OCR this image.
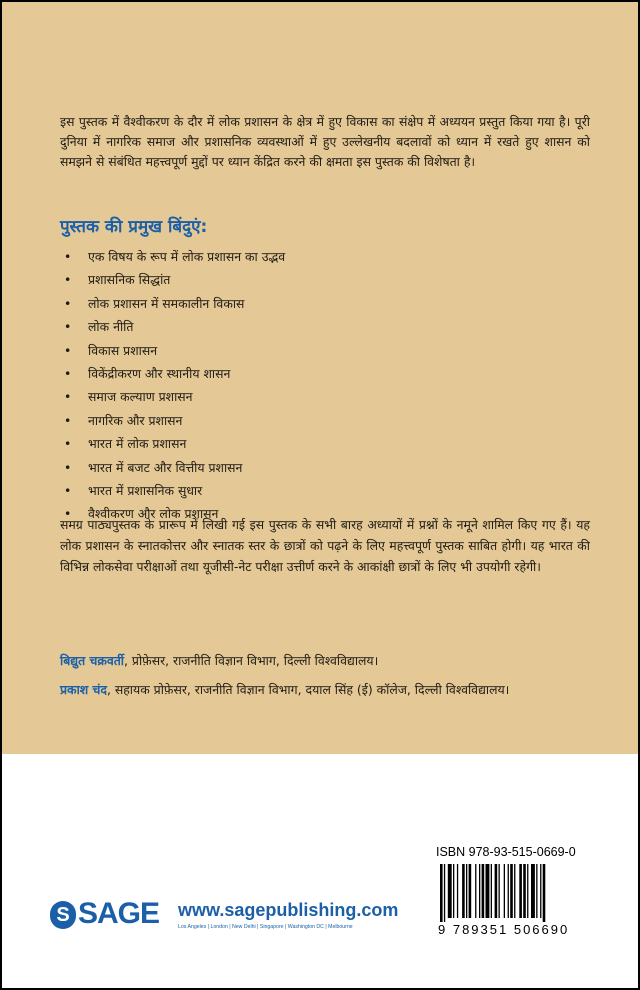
इस पुस्तक में वैश्वीकरण के दौर में लोक प्रशासन के क्षेत्र में हुए विकास का संक्षेप में अध्ययन प्रस्तुत किया गया है। पूरी दुनिया में नागरिक समाज और प्रशासनिक व्यवस्थाओं में हुए उल्लेखनीय बदलावों को ध्यान में रखते हुए शासन को समझने से संबंधित महत्त्वपूर्ण मुद्दों पर ध्यान केंद्रित करने की क्षमता इस पुस्तक की विशेषता है।

पुस्तक की प्रमुख बिंदुएं:

• एक विषय के रूप में लोक प्रशासन का उद्भव
• प्रशासनिक सिद्धांत
• लोक प्रशासन में समकालीन विकास
• लोक नीति
• विकास प्रशासन
• विकेंद्रीकरण और स्थानीय शासन
• समाज कल्याण प्रशासन
• नागरिक और प्रशासन
• भारत में लोक प्रशासन
• भारत में बजट और वित्तीय प्रशासन
• भारत में प्रशासनिक सुधार
• वैश्वीकरण और लोक प्रशासन

समग्र पाठ्यपुस्तक के प्रारूप में लिखी गई इस पुस्तक के सभी बारह अध्यायों में प्रश्नों के नमूने शामिल किए गए हैं। यह लोक प्रशासन के स्नातकोत्तर और स्नातक स्तर के छात्रों को पढ़ने के लिए महत्त्वपूर्ण पुस्तक साबित होगी। यह भारत की विभिन्न लोकसेवा परीक्षाओं तथा यूजीसी-नेट परीक्षा उत्तीर्ण करने के आकांक्षी छात्रों के लिए भी उपयोगी रहेगी।

बिद्युत चक्रवर्ती, प्रोफ़ेसर, राजनीति विज्ञान विभाग, दिल्ली विश्वविद्यालय।

प्रकाश चंद, सहायक प्रोफ़ेसर, राजनीति विज्ञान विभाग, दयाल सिंह (ई) कॉलेज, दिल्ली विश्वविद्यालय।

ISBN 978-93-515-0669-0

9 789351 506690
S SAGE www.sagepublishing.com
Los Angeles | London | New Delhi | Singapore | Washington DC | Melbourne
